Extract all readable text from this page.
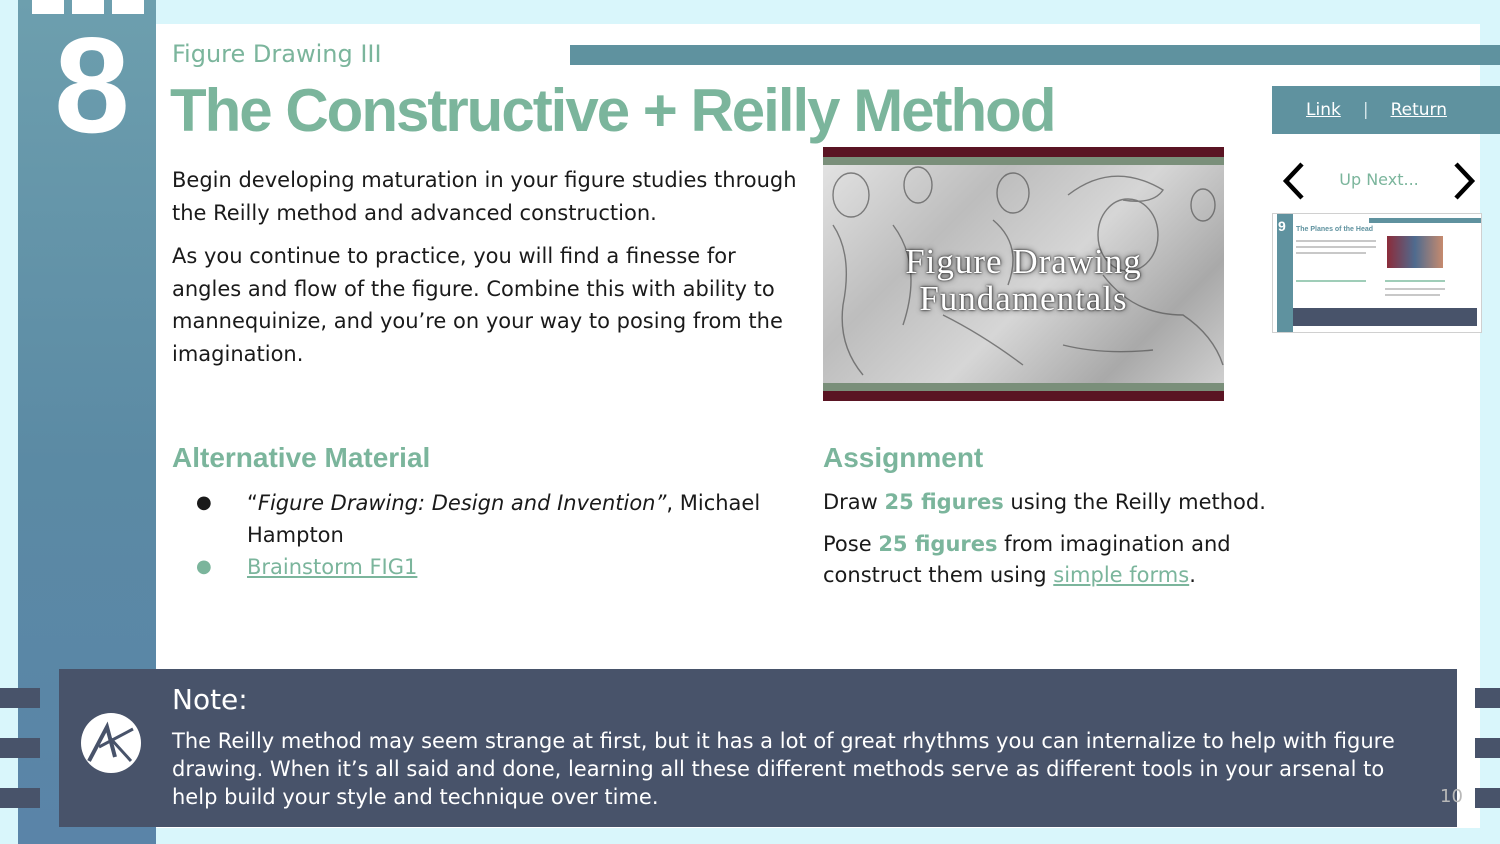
8	Figure Drawing III
The Constructive + Reilly Method	Link | Return

Begin developing maturation in your figure studies through the Reilly method and advanced construction.

As you continue to practice, you will find a finesse for angles and flow of the figure. Combine this with ability to mannequinize, and you’re on your way to posing from the imagination.

Figure Drawing
Fundamentals
Up Next...
9 The Planes of the Head
Alternative Material
● “Figure Drawing: Design and Invention”, Michael Hampton
● Brainstorm FIG1
Assignment

Draw 25 figures using the Reilly method.

Pose 25 figures from imagination and construct them using simple forms.

Note:
The Reilly method may seem strange at first, but it has a lot of great rhythms you can internalize to help with figure drawing. When it’s all said and done, learning all these different methods serve as different tools in your arsenal to help build your style and technique over time.	10
